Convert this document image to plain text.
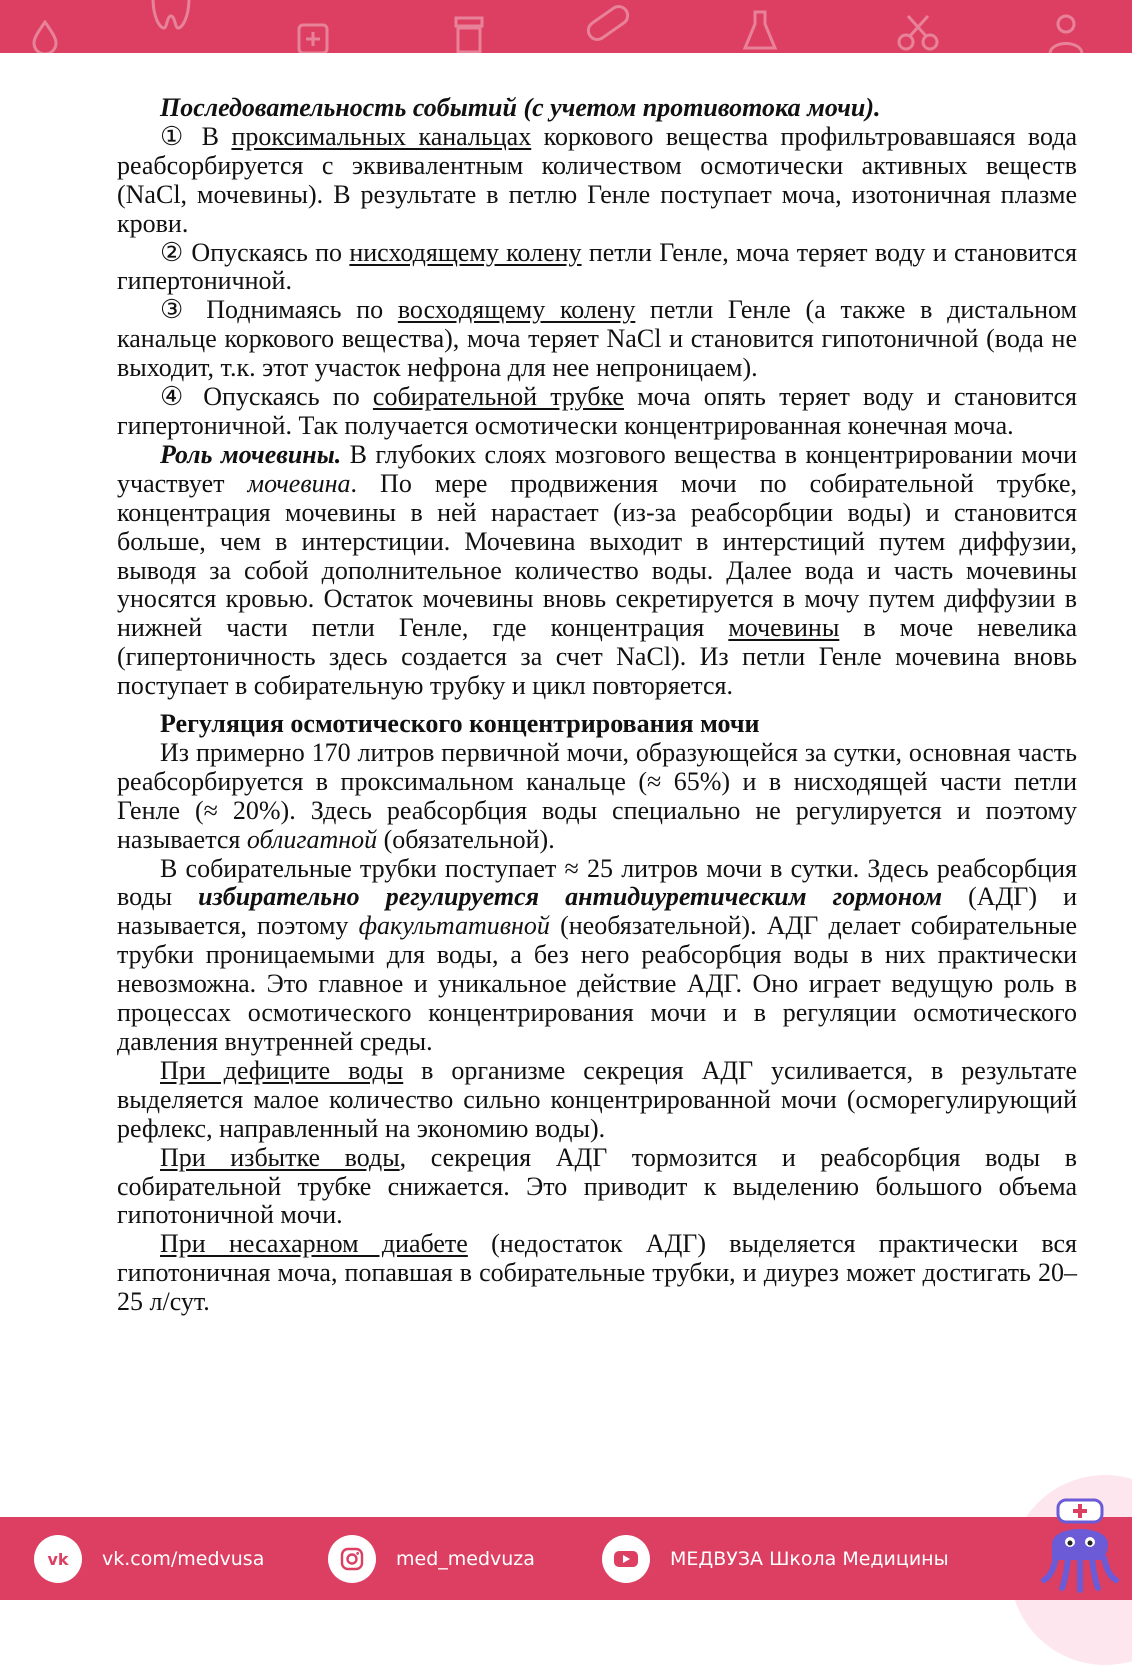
Последовательность событий (с учетом противотока мочи).

① В проксимальных канальцах коркового вещества профильтровавшаяся вода реабсорбируется с эквивалентным количеством осмотически активных веществ (NaCl, мочевины). В результате в петлю Генле поступает моча, изотоничная плазме крови.

② Опускаясь по нисходящему колену петли Генле, моча теряет воду и становится гипертоничной.

③ Поднимаясь по восходящему колену петли Генле (а также в дистальном канальце коркового вещества), моча теряет NaCl и становится гипотоничной (вода не выходит, т.к. этот участок нефрона для нее непроницаем).

④ Опускаясь по собирательной трубке моча опять теряет воду и становится гипертоничной. Так получается осмотически концентрированная конечная моча.

Роль мочевины. В глубоких слоях мозгового вещества в концентрировании мочи участвует мочевина. По мере продвижения мочи по собирательной трубке, концентрация мочевины в ней нарастает (из-за реабсорбции воды) и становится больше, чем в интерстиции. Мочевина выходит в интерстиций путем диффузии, выводя за собой дополнительное количество воды. Далее вода и часть мочевины уносятся кровью. Остаток мочевины вновь секретируется в мочу путем диффузии в нижней части петли Генле, где концентрация мочевины в моче невелика (гипертоничность здесь создается за счет NaCl). Из петли Генле мочевина вновь поступает в собирательную трубку и цикл повторяется.

Регуляция осмотического концентрирования мочи

Из примерно 170 литров первичной мочи, образующейся за сутки, основная часть реабсорбируется в проксимальном канальце (≈ 65%) и в нисходящей части петли Генле (≈ 20%). Здесь реабсорбция воды специально не регулируется и поэтому называется облигатной (обязательной).

В собирательные трубки поступает ≈ 25 литров мочи в сутки. Здесь реабсорбция воды избирательно регулируется антидиуретическим гормоном (АДГ) и называется, поэтому факультативной (необязательной). АДГ делает собирательные трубки проницаемыми для воды, а без него реабсорбция воды в них практически невозможна. Это главное и уникальное действие АДГ. Оно играет ведущую роль в процессах осмотического концентрирования мочи и в регуляции осмотического давления внутренней среды.

При дефиците воды в организме секреция АДГ усиливается, в результате выделяется малое количество сильно концентрированной мочи (осморегулирующий рефлекс, направленный на экономию воды).

При избытке воды, секреция АДГ тормозится и реабсорбция воды в собирательной трубке снижается. Это приводит к выделению большого объема гипотоничной мочи.

При несахарном диабете (недостаток АДГ) выделяется практически вся гипотоничная моча, попавшая в собирательные трубки, и диурез может достигать 20–25 л/сут.

vk vk.com/medvusa	med_medvuza	МЕДВУЗА Школа Медицины
